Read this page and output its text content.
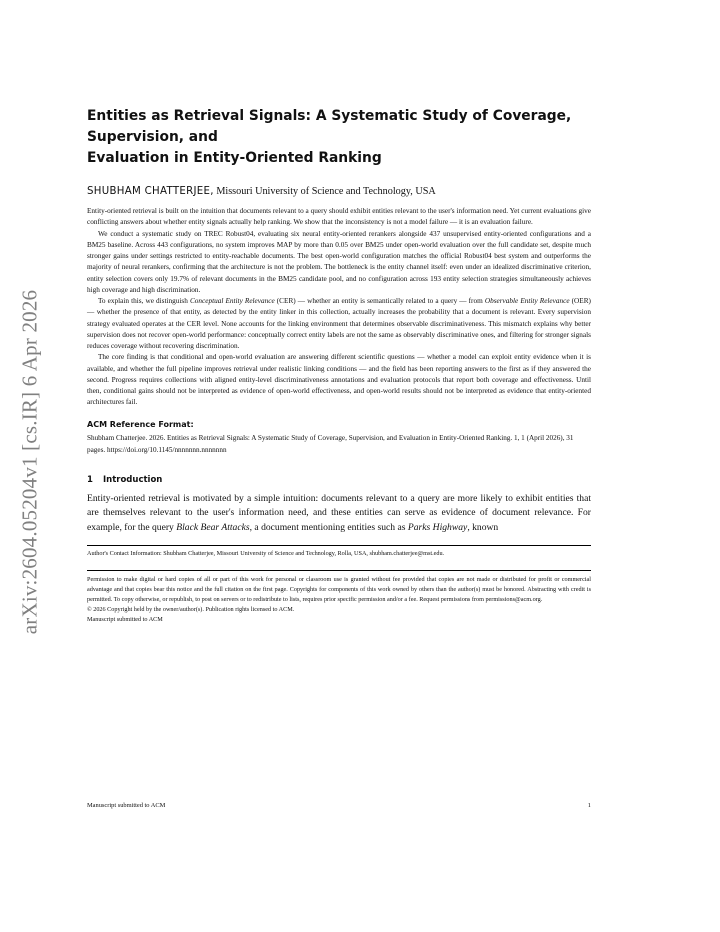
arXiv:2604.05204v1 [cs.IR] 6 Apr 2026
Entities as Retrieval Signals: A Systematic Study of Coverage, Supervision, and
Evaluation in Entity-Oriented Ranking
SHUBHAM CHATTERJEE, Missouri University of Science and Technology, USA

Entity-oriented retrieval is built on the intuition that documents relevant to a query should exhibit entities relevant to the user's information need. Yet current evaluations give conflicting answers about whether entity signals actually help ranking. We show that the inconsistency is not a model failure — it is an evaluation failure.

We conduct a systematic study on TREC Robust04, evaluating six neural entity-oriented rerankers alongside 437 unsupervised entity-oriented configurations and a BM25 baseline. Across 443 configurations, no system improves MAP by more than 0.05 over BM25 under open-world evaluation over the full candidate set, despite much stronger gains under settings restricted to entity-reachable documents. The best open-world configuration matches the official Robust04 best system and outperforms the majority of neural rerankers, confirming that the architecture is not the problem. The bottleneck is the entity channel itself: even under an idealized discriminative criterion, entity selection covers only 19.7% of relevant documents in the BM25 candidate pool, and no configuration across 193 entity selection strategies simultaneously achieves high coverage and high discrimination.

To explain this, we distinguish Conceptual Entity Relevance (CER) — whether an entity is semantically related to a query — from Observable Entity Relevance (OER) — whether the presence of that entity, as detected by the entity linker in this collection, actually increases the probability that a document is relevant. Every supervision strategy evaluated operates at the CER level. None accounts for the linking environment that determines observable discriminativeness. This mismatch explains why better supervision does not recover open-world performance: conceptually correct entity labels are not the same as observably discriminative ones, and filtering for stronger signals reduces coverage without recovering discrimination.

The core finding is that conditional and open-world evaluation are answering different scientific questions — whether a model can exploit entity evidence when it is available, and whether the full pipeline improves retrieval under realistic linking conditions — and the field has been reporting answers to the first as if they answered the second. Progress requires collections with aligned entity-level discriminativeness annotations and evaluation protocols that report both coverage and effectiveness. Until then, conditional gains should not be interpreted as evidence of open-world effectiveness, and open-world results should not be interpreted as evidence that entity-oriented architectures fail.

ACM Reference Format:

Shubham Chatterjee. 2026. Entities as Retrieval Signals: A Systematic Study of Coverage, Supervision, and Evaluation in Entity-Oriented Ranking. 1, 1 (April 2026), 31 pages. https://doi.org/10.1145/nnnnnnn.nnnnnnn

1 Introduction

Entity-oriented retrieval is motivated by a simple intuition: documents relevant to a query are more likely to exhibit entities that are themselves relevant to the user's information need, and these entities can serve as evidence of document relevance. For example, for the query Black Bear Attacks, a document mentioning entities such as Parks Highway, known

Author's Contact Information: Shubham Chatterjee, Missouri University of Science and Technology, Rolla, USA, shubham.chatterjee@mst.edu.
Permission to make digital or hard copies of all or part of this work for personal or classroom use is granted without fee provided that copies are not made or distributed for profit or commercial advantage and that copies bear this notice and the full citation on the first page. Copyrights for components of this work owned by others than the author(s) must be honored. Abstracting with credit is permitted. To copy otherwise, or republish, to post on servers or to redistribute to lists, requires prior specific permission and/or a fee. Request permissions from permissions@acm.org.
© 2026 Copyright held by the owner/author(s). Publication rights licensed to ACM.
Manuscript submitted to ACM
Manuscript submitted to ACM	1
